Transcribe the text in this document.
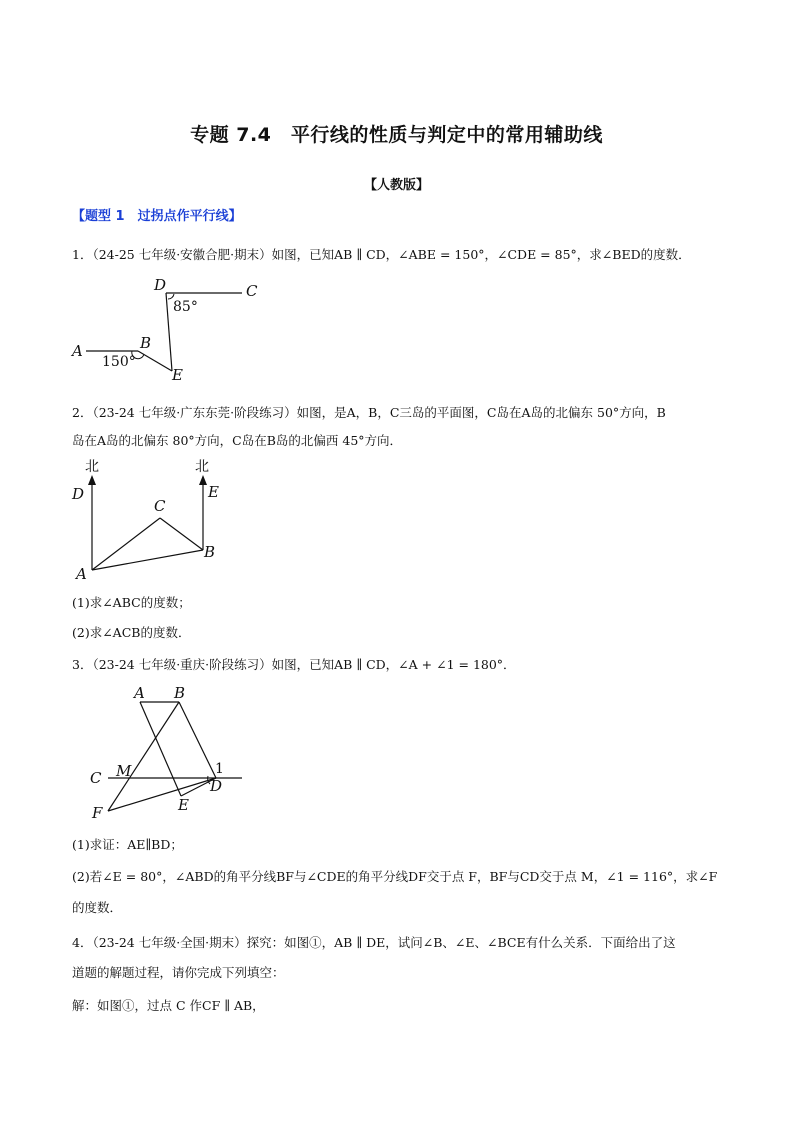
专题 7.4　平行线的性质与判定中的常用辅助线
【人教版】
【题型 1　过拐点作平行线】
1．（24-25 七年级·安徽合肥·期末）如图，已知AB ∥ CD，∠ABE = 150°，∠CDE = 85°，求∠BED的度数．
D	C
85°
A	B
150°
E
2．（23-24 七年级·广东东莞·阶段练习）如图，是A，B，C三岛的平面图，C岛在A岛的北偏东 50°方向，B
岛在A岛的北偏东 80°方向，C岛在B岛的北偏西 45°方向．
北	北
D	E
C
B
A
(1)求∠ABC的度数；
(2)求∠ACB的度数．
3．（23-24 七年级·重庆·阶段练习）如图，已知AB ∥ CD，∠A + ∠1 = 180°．
A B
C M	1
D
E
F
(1)求证：AE∥BD；
(2)若∠E = 80°，∠ABD的角平分线BF与∠CDE的角平分线DF交于点 F，BF与CD交于点 M，∠1 = 116°，求∠F
的度数．
4．（23-24 七年级·全国·期末）探究：如图①，AB ∥ DE，试问∠B、∠E、∠BCE有什么关系．下面给出了这
道题的解题过程，请你完成下列填空：
解：如图①，过点 C 作CF ∥ AB，
